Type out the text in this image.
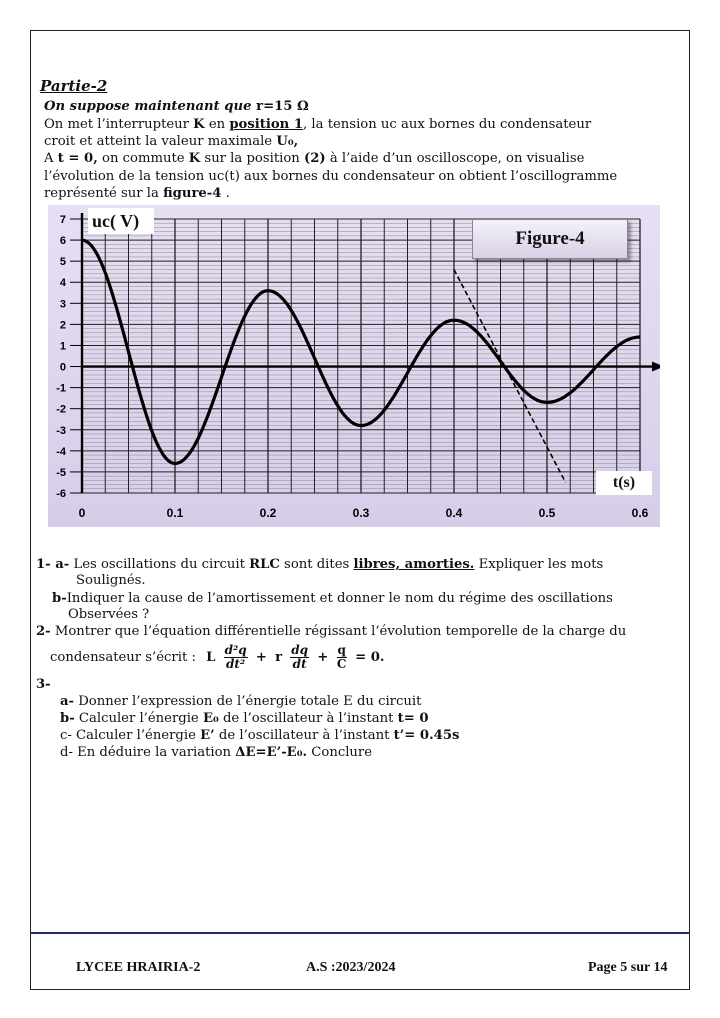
Partie-2
On suppose maintenant que r=15 Ω
On met l’interrupteur K en position 1, la tension uc aux bornes du condensateur
croit et atteint la valeur maximale U₀,
A t = 0, on commute K sur la position (2) à l’aide d’un oscilloscope, on visualise
l’évolution de la tension uc(t) aux bornes du condensateur on obtient l’oscillogramme
représenté sur la figure-4 .
7
6
5
4
3
2
1
0
-1
-2
-3
-4
-5
-6
0	0.1	0.2	0.3	0.4	0.5	0.6
uc( V)
Figure-4
t(s)
1- a- Les oscillations du circuit RLC sont dites libres, amorties. Expliquer les mots
Soulignés.
b-Indiquer la cause de l’amortissement et donner le nom du régime des oscillations
Observées ?
2- Montrer que l’équation différentielle régissant l’évolution temporelle de la charge du
condensateur s’écrit : L $\frac{\text{d²q}}{\text{dt²}} + r \frac{dq}{dt} + \frac{q}{C} = 0$.
3-
a- Donner l’expression de l’énergie totale E du circuit
b- Calculer l’énergie E₀ de l’oscillateur à l’instant t= 0
c- Calculer l’énergie E’ de l’oscillateur à l’instant t’= 0.45s
d- En déduire la variation ΔE=E’-E₀. Conclure
LYCEE HRAIRIA-2	A.S :2023/2024	Page 5 sur 14
